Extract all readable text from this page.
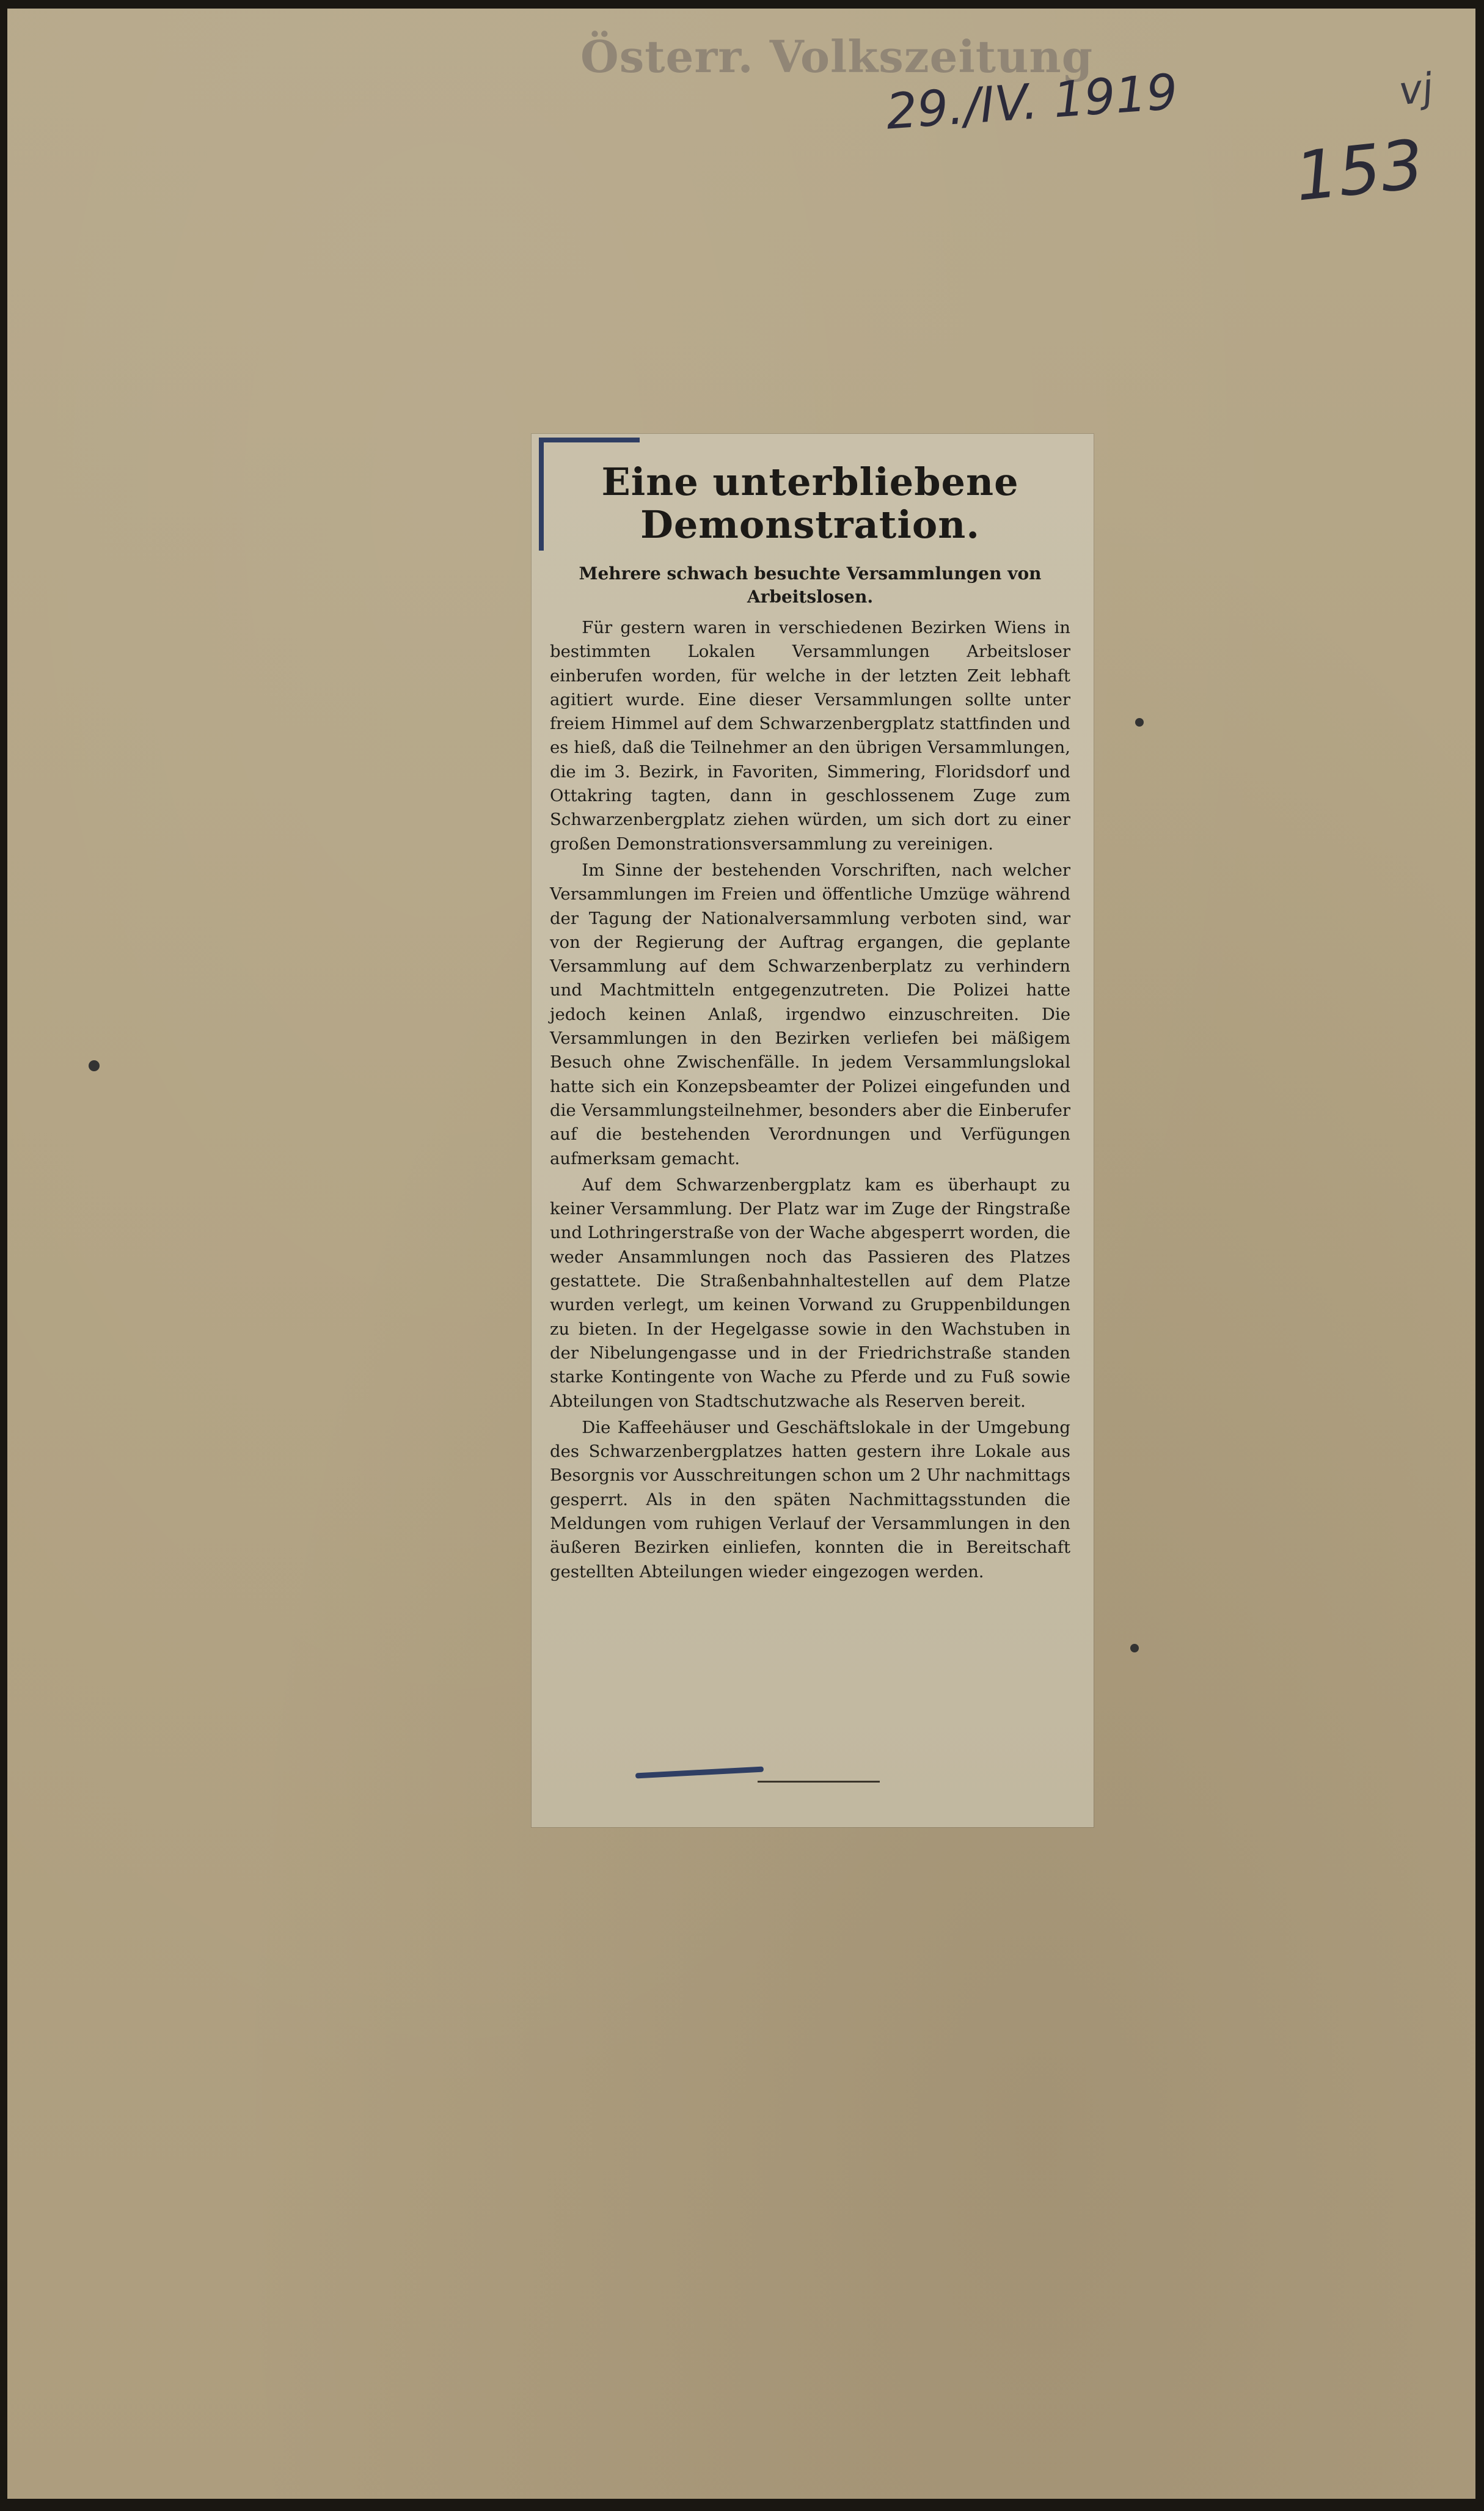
Österr. Volkszeitung
29./IV. 1919
153
vj
Eine unterbliebene Demonstration.
Mehrere schwach besuchte Versammlungen von Arbeitslosen.

Für gestern waren in verschiedenen Bezirken Wiens in bestimmten Lokalen Versammlungen Arbeitsloser einberufen worden, für welche in der letzten Zeit lebhaft agitiert wurde. Eine dieser Versammlungen sollte unter freiem Himmel auf dem Schwarzenbergplatz stattfinden und es hieß, daß die Teilnehmer an den übrigen Versammlungen, die im 3. Bezirk, in Favoriten, Simmering, Floridsdorf und Ottakring tagten, dann in geschlossenem Zuge zum Schwarzenbergplatz ziehen würden, um sich dort zu einer großen Demonstrationsversammlung zu vereinigen.

Im Sinne der bestehenden Vorschriften, nach welcher Versammlungen im Freien und öffentliche Umzüge während der Tagung der Nationalversammlung verboten sind, war von der Regierung der Auftrag ergangen, die geplante Versammlung auf dem Schwarzenberplatz zu verhindern und Machtmitteln entgegenzutreten. Die Polizei hatte jedoch keinen Anlaß, irgendwo einzuschreiten. Die Versammlungen in den Bezirken verliefen bei mäßigem Besuch ohne Zwischenfälle. In jedem Versammlungslokal hatte sich ein Konzepsbeamter der Polizei eingefunden und die Versammlungsteilnehmer, besonders aber die Einberufer auf die bestehenden Verordnungen und Verfügungen aufmerksam gemacht.

Auf dem Schwarzenbergplatz kam es überhaupt zu keiner Versammlung. Der Platz war im Zuge der Ringstraße und Lothringerstraße von der Wache abgesperrt worden, die weder Ansammlungen noch das Passieren des Platzes gestattete. Die Straßenbahnhaltestellen auf dem Platze wurden verlegt, um keinen Vorwand zu Gruppenbildungen zu bieten. In der Hegelgasse sowie in den Wachstuben in der Nibelungengasse und in der Friedrichstraße standen starke Kontingente von Wache zu Pferde und zu Fuß sowie Abteilungen von Stadtschutzwache als Reserven bereit.

Die Kaffeehäuser und Geschäftslokale in der Umgebung des Schwarzenbergplatzes hatten gestern ihre Lokale aus Besorgnis vor Ausschreitungen schon um 2 Uhr nachmittags gesperrt. Als in den späten Nachmittagsstunden die Meldungen vom ruhigen Verlauf der Versammlungen in den äußeren Bezirken einliefen, konnten die in Bereitschaft gestellten Abteilungen wieder eingezogen werden.
